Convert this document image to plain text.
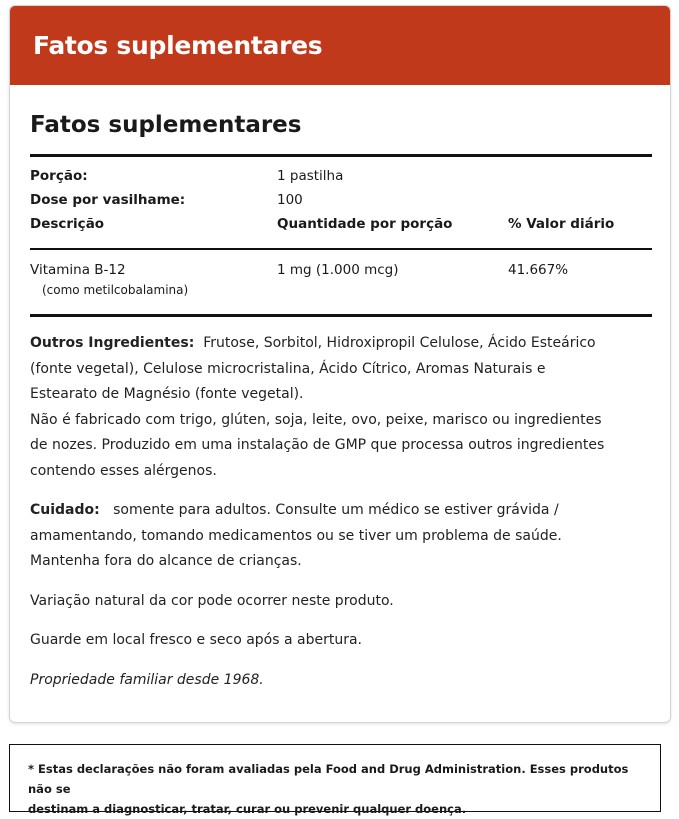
Fatos suplementares
Fatos suplementares
Porção:	1 pastilha
Dose por vasilhame:	100
Descrição	Quantidade por porção	% Valor diário
Vitamina B-12	1 mg (1.000 mcg)	41.667%
(como metilcobalamina)

Outros Ingredientes: Frutose, Sorbitol, Hidroxipropil Celulose, Ácido Esteárico
(fonte vegetal), Celulose microcristalina, Ácido Cítrico, Aromas Naturais e
Estearato de Magnésio (fonte vegetal).
Não é fabricado com trigo, glúten, soja, leite, ovo, peixe, marisco ou ingredientes
de nozes. Produzido em uma instalação de GMP que processa outros ingredientes
contendo esses alérgenos.

Cuidado: somente para adultos. Consulte um médico se estiver grávida /
amamentando, tomando medicamentos ou se tiver um problema de saúde.
Mantenha fora do alcance de crianças.

Variação natural da cor pode ocorrer neste produto.

Guarde em local fresco e seco após a abertura.

Propriedade familiar desde 1968.

* Estas declarações não foram avaliadas pela Food and Drug Administration. Esses produtos não se
destinam a diagnosticar, tratar, curar ou prevenir qualquer doença.
